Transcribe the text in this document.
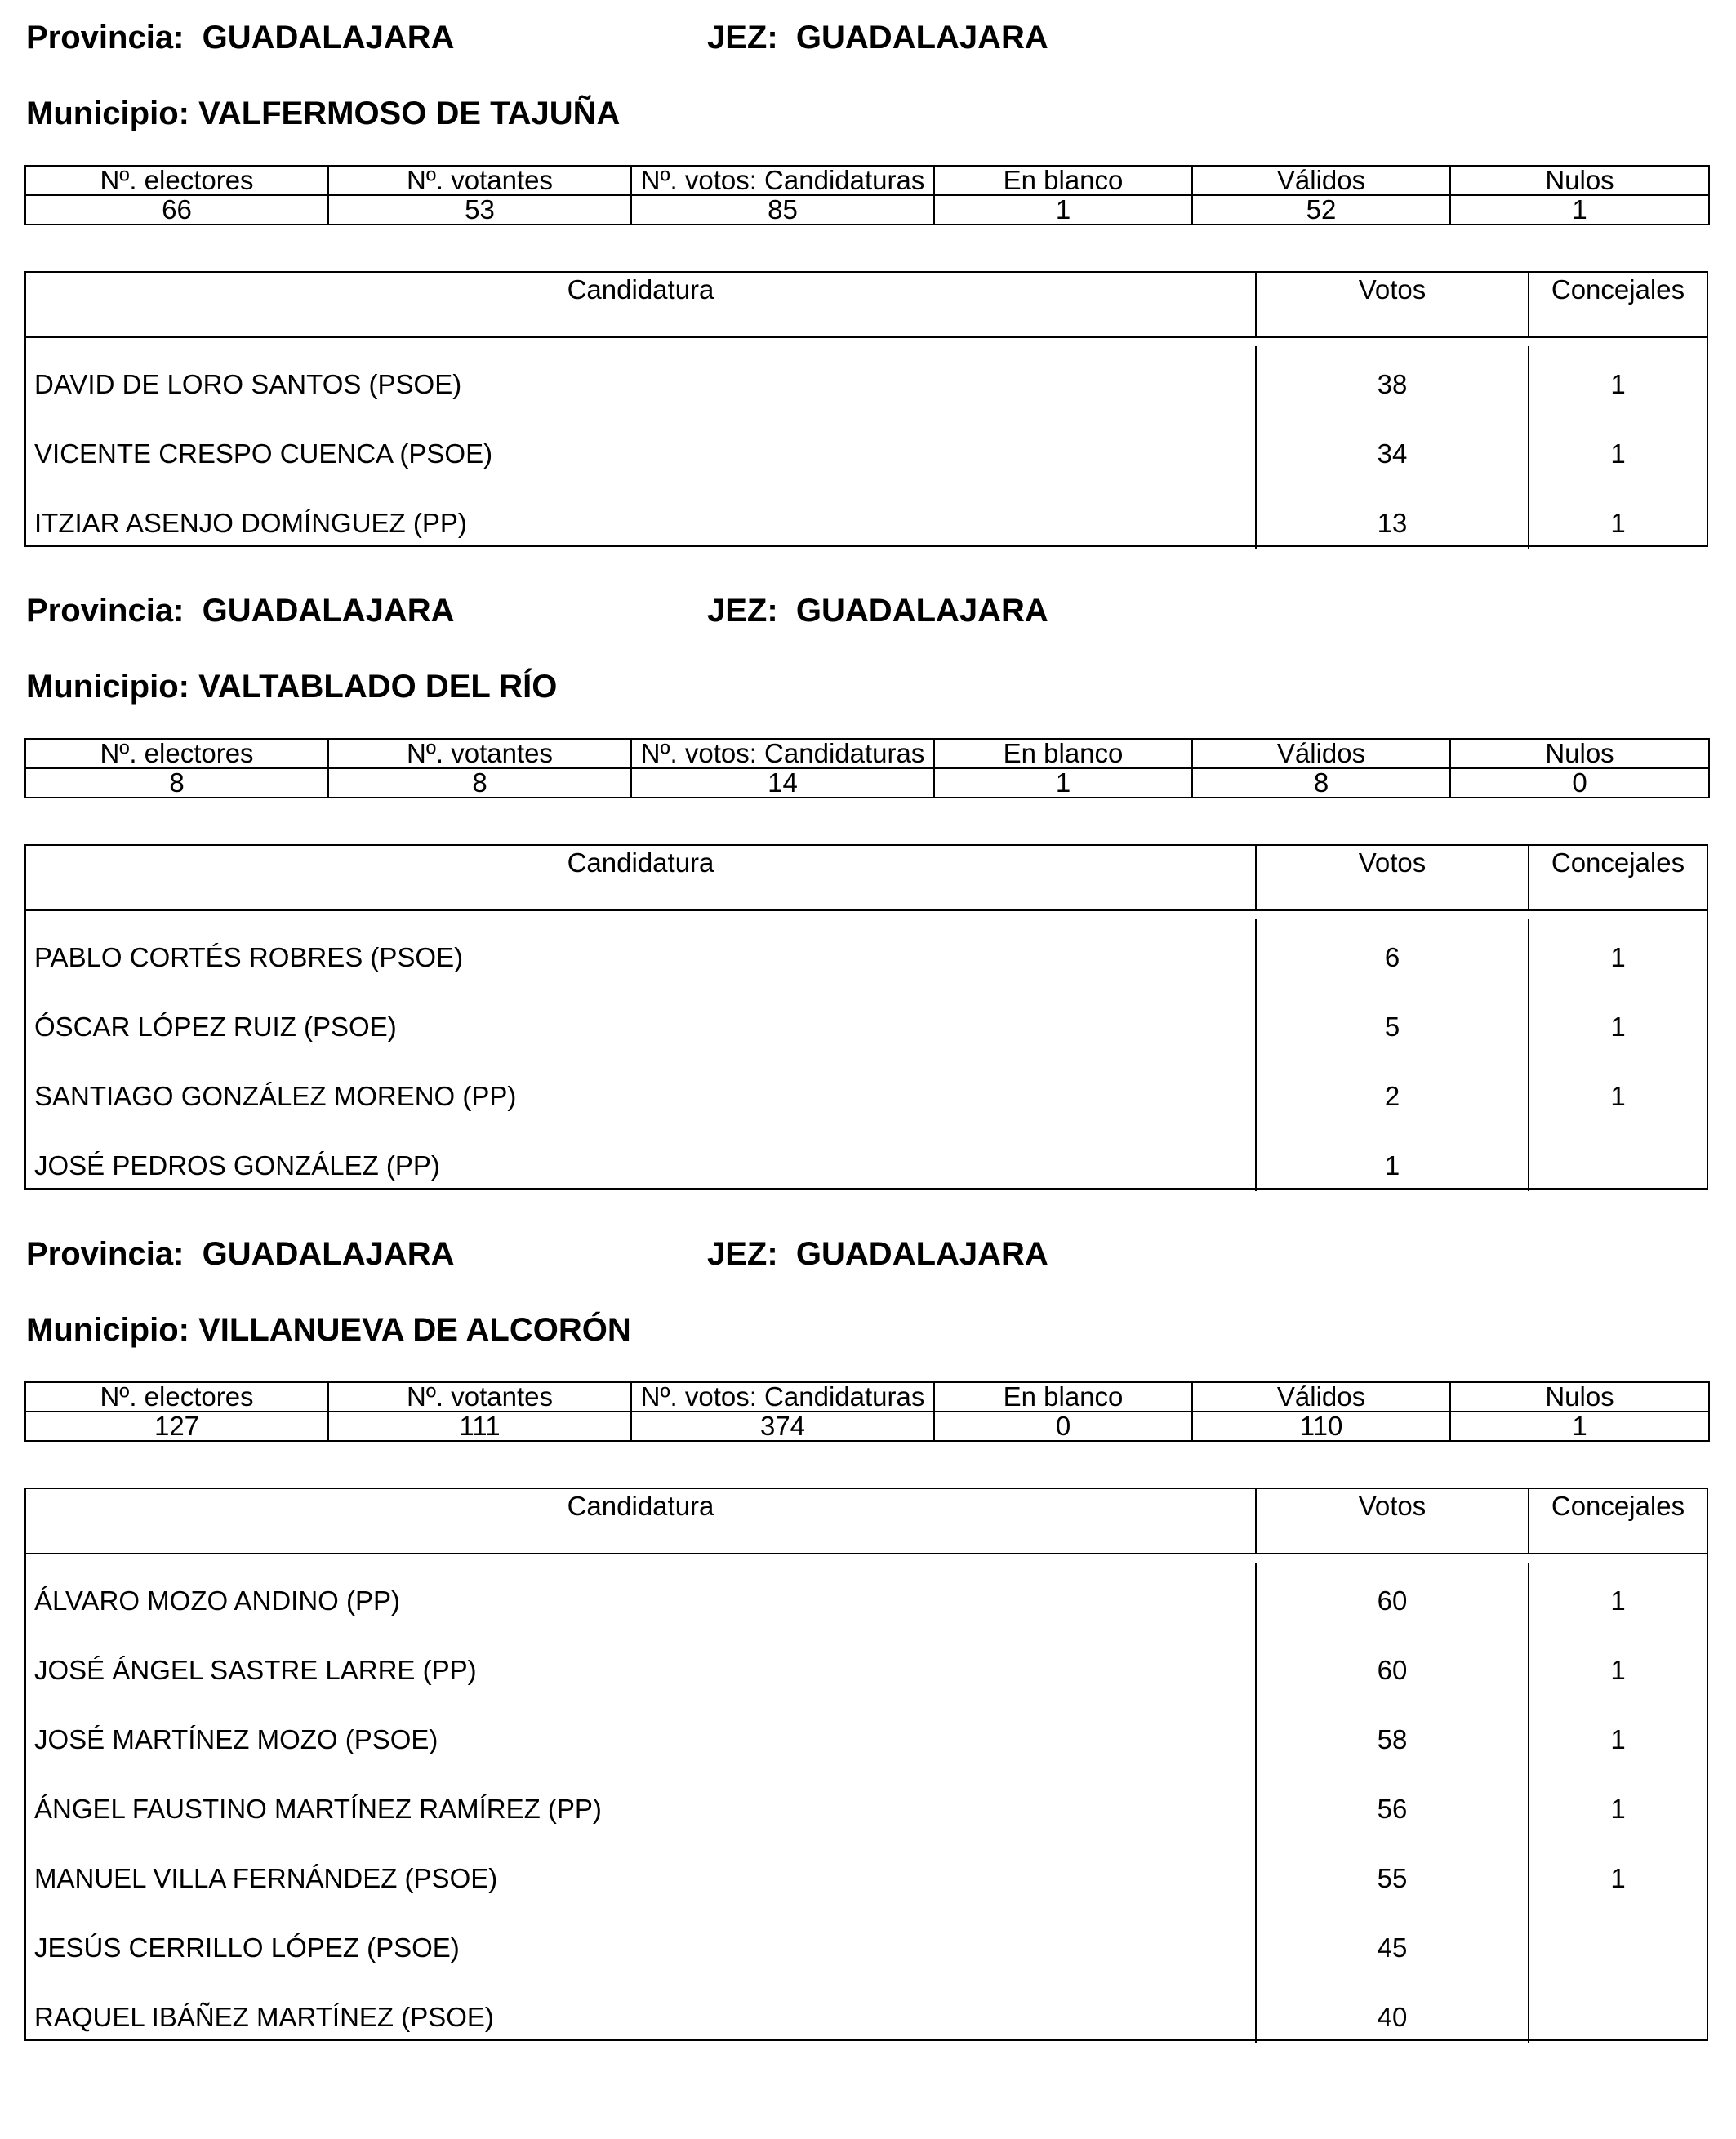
Provincia: GUADALAJARA	JEZ: GUADALAJARA
Municipio: VALFERMOSO DE TAJUÑA
Nº. electores	Nº. votantes	Nº. votos: Candidaturas	En blanco	Válidos	Nulos
66	53	85	1	52	1
Candidatura	Votos	Concejales
DAVID DE LORO SANTOS (PSOE)	38	1
VICENTE CRESPO CUENCA (PSOE)	34	1
ITZIAR ASENJO DOMÍNGUEZ (PP)	13	1
Provincia: GUADALAJARA	JEZ: GUADALAJARA
Municipio: VALTABLADO DEL RÍO
Nº. electores	Nº. votantes	Nº. votos: Candidaturas	En blanco	Válidos	Nulos
8	8	14	1	8	0
Candidatura	Votos	Concejales
PABLO CORTÉS ROBRES (PSOE)	6	1
ÓSCAR LÓPEZ RUIZ (PSOE)	5	1
SANTIAGO GONZÁLEZ MORENO (PP)	2	1
JOSÉ PEDROS GONZÁLEZ (PP)	1
Provincia: GUADALAJARA	JEZ: GUADALAJARA
Municipio: VILLANUEVA DE ALCORÓN
Nº. electores	Nº. votantes	Nº. votos: Candidaturas	En blanco	Válidos	Nulos
127	111	374	0	110	1
Candidatura	Votos	Concejales
ÁLVARO MOZO ANDINO (PP)	60	1
JOSÉ ÁNGEL SASTRE LARRE (PP)	60	1
JOSÉ MARTÍNEZ MOZO (PSOE)	58	1
ÁNGEL FAUSTINO MARTÍNEZ RAMÍREZ (PP)	56	1
MANUEL VILLA FERNÁNDEZ (PSOE)	55	1
JESÚS CERRILLO LÓPEZ (PSOE)	45
RAQUEL IBÁÑEZ MARTÍNEZ (PSOE)	40
